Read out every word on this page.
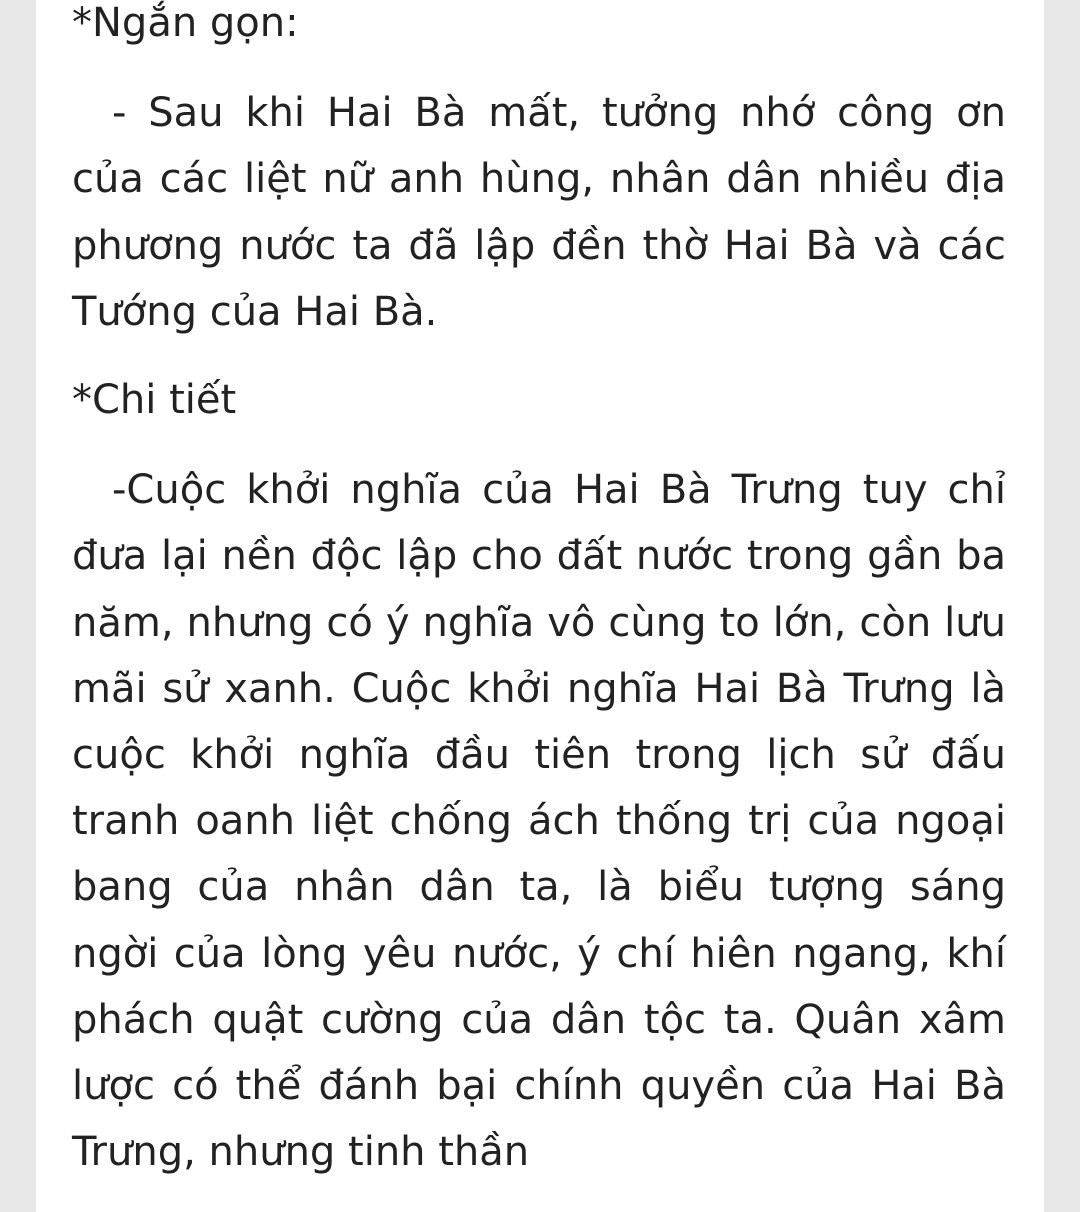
*Ngắn gọn:

- Sau khi Hai Bà mất, tưởng nhớ công ơn của các liệt nữ anh hùng, nhân dân nhiều địa phương nước ta đã lập đền thờ Hai Bà và các Tướng của Hai Bà.

*Chi tiết

-Cuộc khởi nghĩa của Hai Bà Trưng tuy chỉ đưa lại nền độc lập cho đất nước trong gần ba năm, nhưng có ý nghĩa vô cùng to lớn, còn lưu mãi sử xanh. Cuộc khởi nghĩa Hai Bà Trưng là cuộc khởi nghĩa đầu tiên trong lịch sử đấu tranh oanh liệt chống ách thống trị của ngoại bang của nhân dân ta, là biểu tượng sáng ngời của lòng yêu nước, ý chí hiên ngang, khí phách quật cường của dân tộc ta. Quân xâm lược có thể đánh bại chính quyền của Hai Bà Trưng, nhưng tinh thần
